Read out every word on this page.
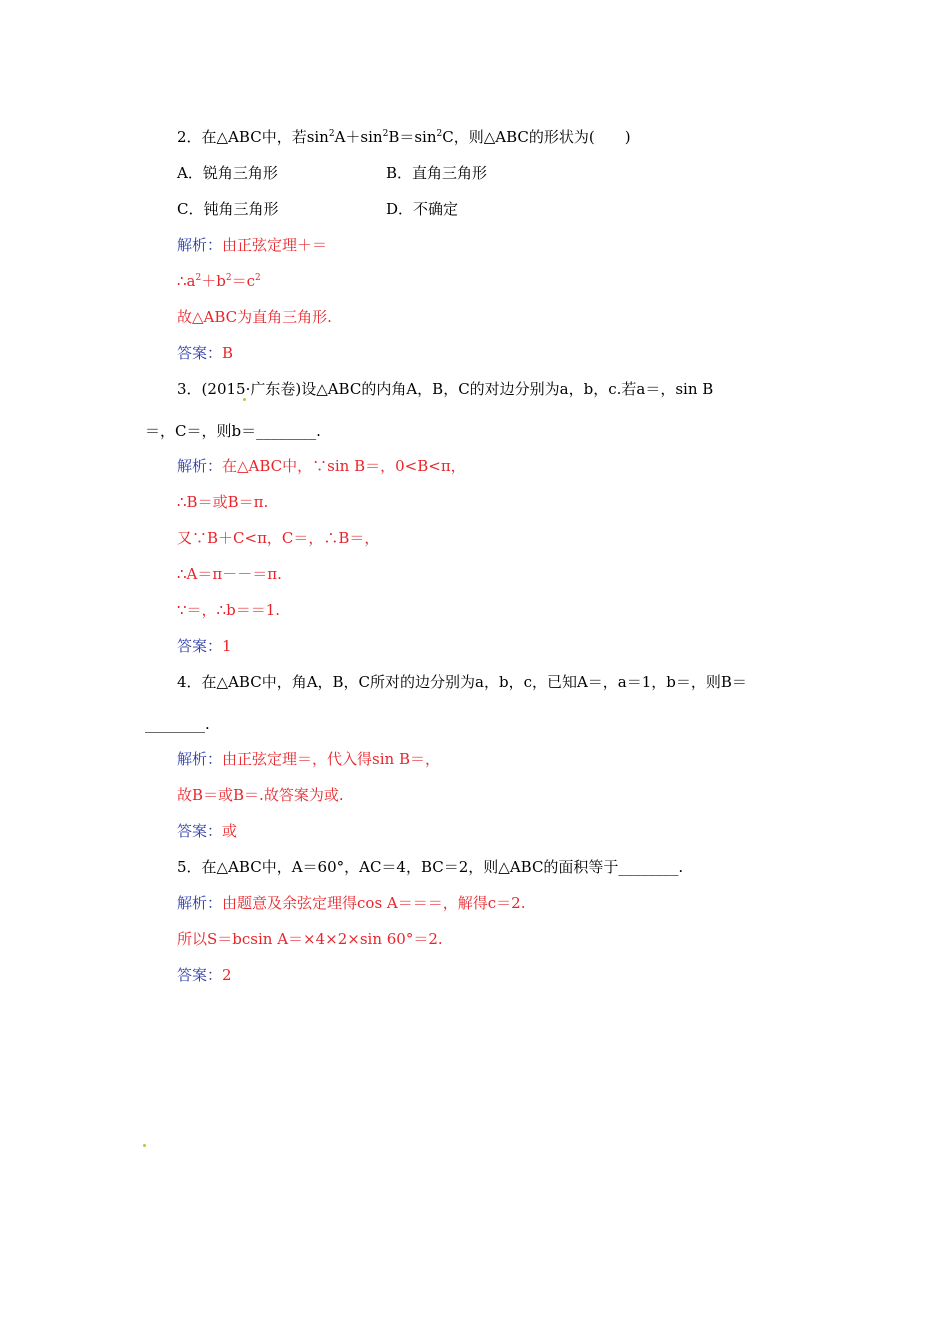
2．在△ABC中，若$\sin^2A+\sin^2B=\sin^2C$，则△ABC的形状为(　　)
A．锐角三角形	B．直角三角形
C．钝角三角形	D．不确定
解析：由正弦定理＋＝
$\therefore a^2+b^2=c^2$
故△ABC为直角三角形.
答案：B
3．(2015·广东卷)设△ABC的内角A，B，C的对边分别为a，b，c.若a＝，sin B
＝，C＝，则b＝________.
解析：在△ABC中，∵sin B＝，0<B<π，
∴B＝或B＝π.
又∵B＋C<π，C＝，∴B＝，
∴A＝π－－＝π.
∵＝，∴b＝＝1.
答案：1
4．在△ABC中，角A，B，C所对的边分别为a，b，c，已知A＝，a＝1，b＝，则B＝
________.
解析：由正弦定理＝，代入得sin B＝，
故B＝或B＝.故答案为或.
答案：或
5．在△ABC中，A＝60°，AC＝4，BC＝2，则△ABC的面积等于________.
解析：由题意及余弦定理得cos A＝＝＝，解得c＝2.
所以S＝bcsin A＝×4×2×sin 60°＝2.
答案：2
